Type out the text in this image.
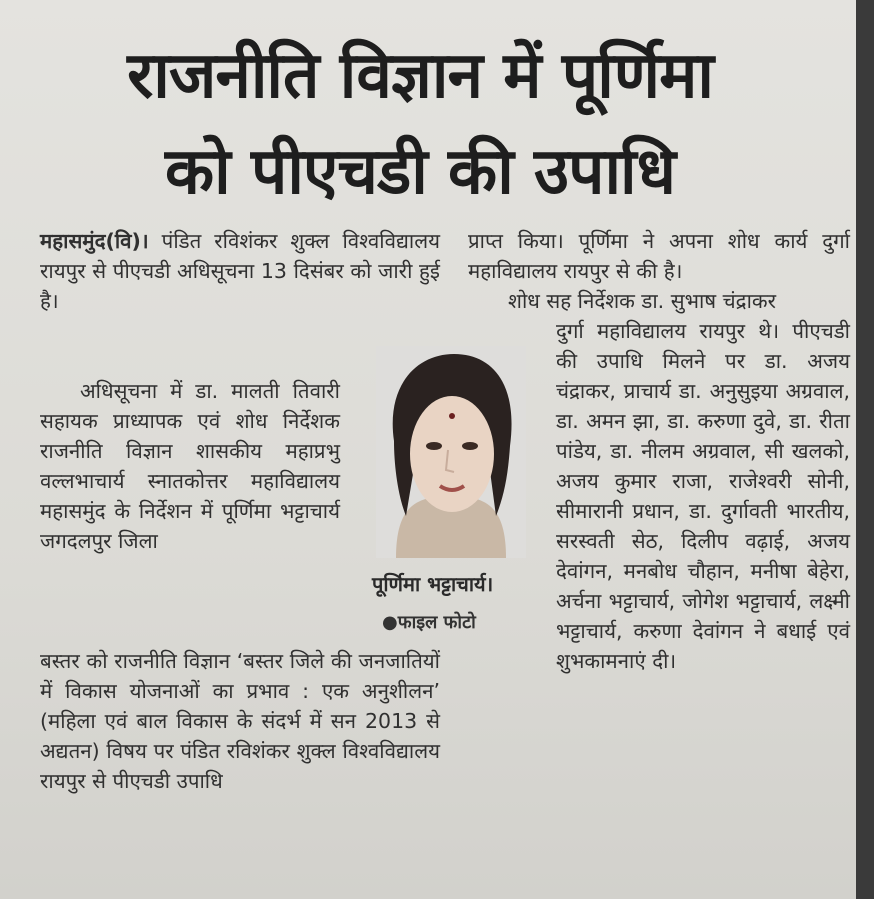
राजनीति विज्ञान में पूर्णिमा
को पीएचडी की उपाधि

महासमुंद(वि)। पंडित रविशंकर शुक्ल विश्वविद्यालय रायपुर से पीएचडी अधिसूचना 13 दिसंबर को जारी हुई है।

अधिसूचना में डा. मालती तिवारी सहायक प्राध्यापक एवं शोध निर्देशक राजनीति विज्ञान शासकीय महाप्रभु वल्लभाचार्य स्नातकोत्तर महाविद्यालय महासमुंद के निर्देशन में पूर्णिमा भट्टाचार्य जगदलपुर जिला

बस्तर को राजनीति विज्ञान ‘बस्तर जिले की जनजातियों में विकास योजनाओं का प्रभाव : एक अनुशीलन’ (महिला एवं बाल विकास के संदर्भ में सन 2013 से अद्यतन) विषय पर पंडित रविशंकर शुक्ल विश्वविद्यालय रायपुर से पीएचडी उपाधि

प्राप्त किया। पूर्णिमा ने अपना शोध कार्य दुर्गा महाविद्यालय रायपुर से की है।

शोध सह निर्देशक डा. सुभाष चंद्राकर

दुर्गा महाविद्यालय रायपुर थे। पीएचडी की उपाधि मिलने पर डा. अजय चंद्राकर, प्राचार्य डा. अनुसुइया अग्रवाल, डा. अमन झा, डा. करुणा दुवे, डा. रीता पांडेय, डा. नीलम अग्रवाल, सी खलको, अजय कुमार राजा, राजेश्वरी सोनी, सीमारानी प्रधान, डा. दुर्गावती भारतीय, सरस्वती सेठ, दिलीप वढ़ाई, अजय देवांगन, मनबोध चौहान, मनीषा बेहेरा, अर्चना भट्टाचार्य, जोगेश भट्टाचार्य, लक्ष्मी भट्टाचार्य, करुणा देवांगन ने बधाई एवं शुभकामनाएं दी।

पूर्णिमा भट्टाचार्य।
●फाइल फोटो
